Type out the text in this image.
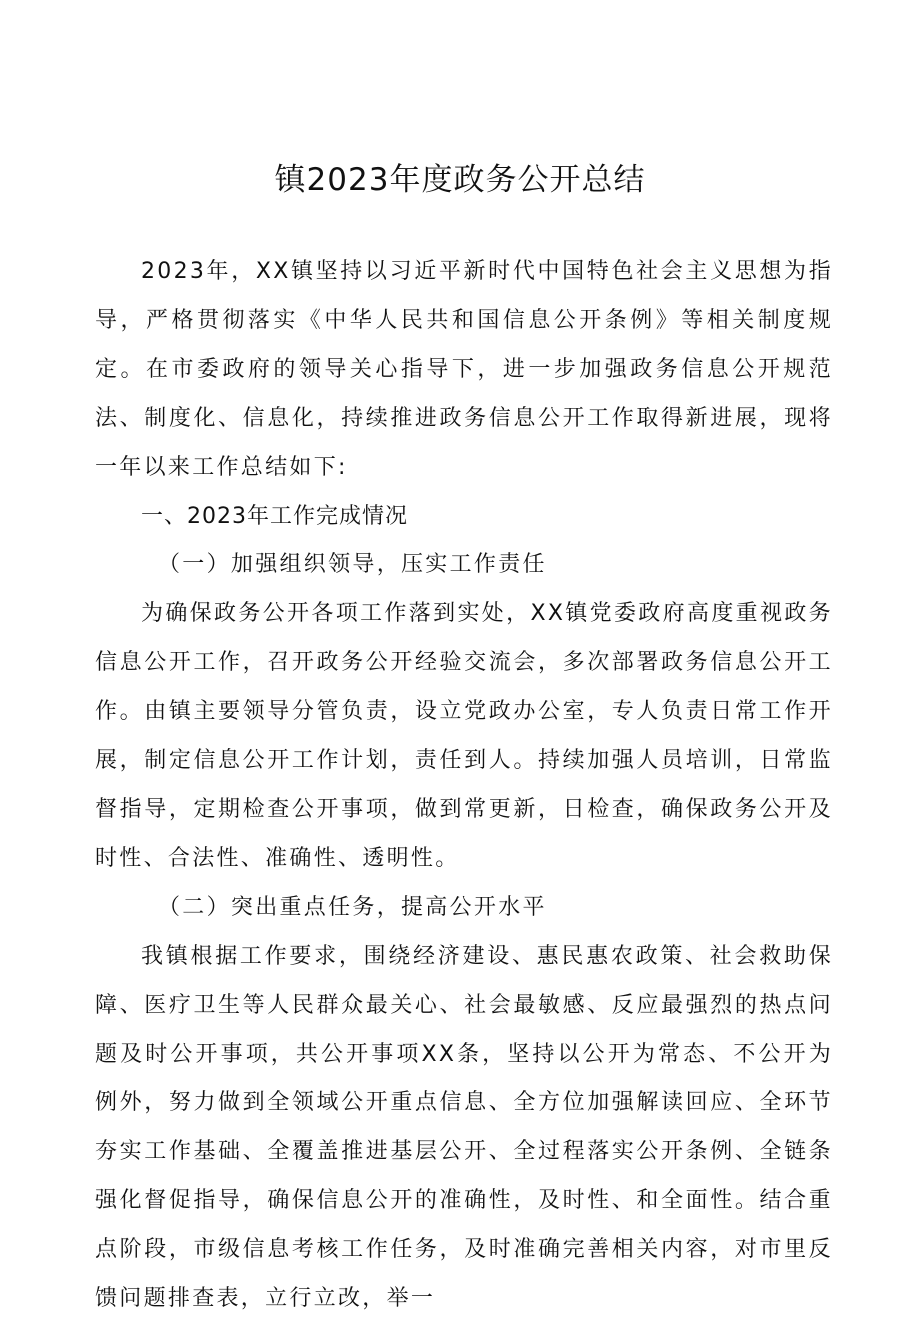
镇2023年度政务公开总结

2023年，XX镇坚持以习近平新时代中国特色社会主义思想为指导，严格贯彻落实《中华人民共和国信息公开条例》等相关制度规定。在市委政府的领导关心指导下，进一步加强政务信息公开规范法、制度化、信息化，持续推进政务信息公开工作取得新进展，现将一年以来工作总结如下:

一、2023年工作完成情况

（一）加强组织领导，压实工作责任

为确保政务公开各项工作落到实处，XX镇党委政府高度重视政务信息公开工作，召开政务公开经验交流会，多次部署政务信息公开工作。由镇主要领导分管负责，设立党政办公室，专人负责日常工作开展，制定信息公开工作计划，责任到人。持续加强人员培训，日常监督指导，定期检查公开事项，做到常更新，日检查，确保政务公开及时性、合法性、准确性、透明性。

（二）突出重点任务，提高公开水平

我镇根据工作要求，围绕经济建设、惠民惠农政策、社会救助保障、医疗卫生等人民群众最关心、社会最敏感、反应最强烈的热点问题及时公开事项，共公开事项XX条，坚持以公开为常态、不公开为例外，努力做到全领域公开重点信息、全方位加强解读回应、全环节夯实工作基础、全覆盖推进基层公开、全过程落实公开条例、全链条强化督促指导，确保信息公开的准确性，及时性、和全面性。结合重点阶段，市级信息考核工作任务，及时准确完善相关内容，对市里反馈问题排查表，立行立改，举一
